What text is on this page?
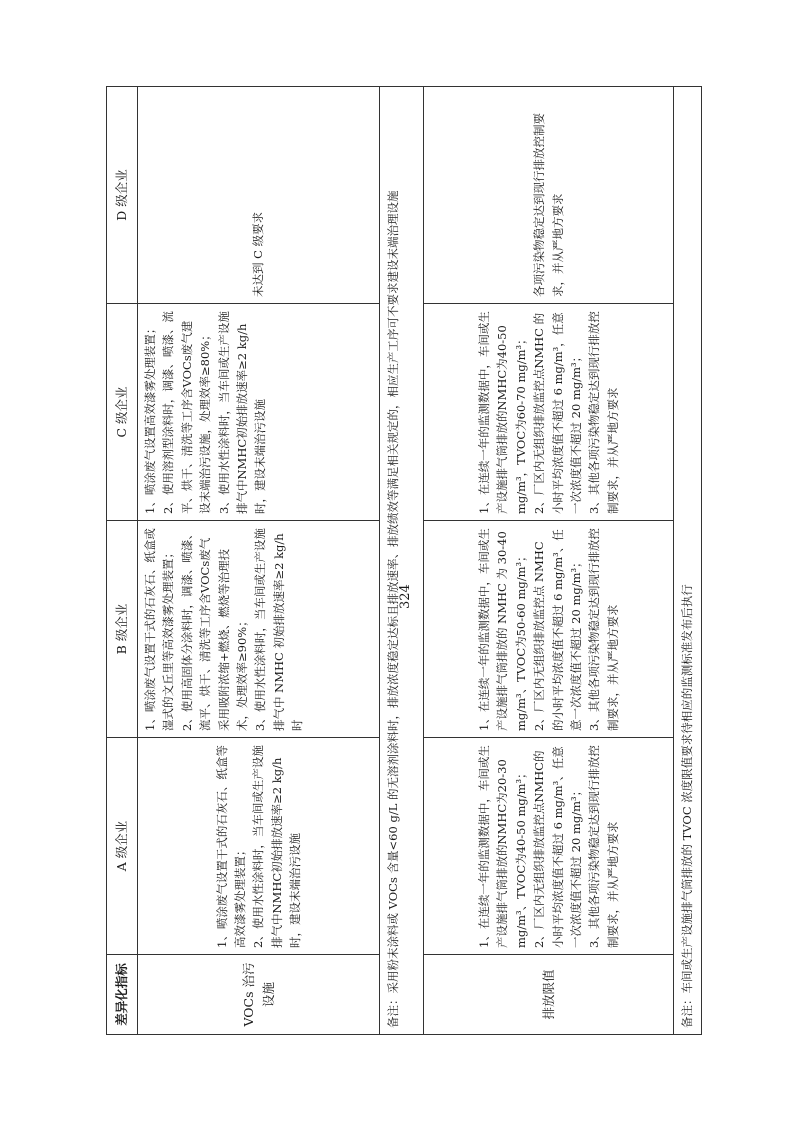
差异化指标	A 级企业	B 级企业	C 级企业	D 级企业
VOCs 治污设施	1、喷涂废气设置干式的石灰石、纸盒等高效漆雾处理装置； 2、使用水性涂料时，当车间或生产设施排气中NMHC初始排放速率≥2 kg/h时，建设末端治污设施	1、喷涂废气设置干式的石灰石、纸盒或湿式的文丘里等高效漆雾处理装置； 2、使用高固体分涂料时，调漆、喷漆、流平、烘干、清洗等工序含VOCs废气采用吸附浓缩+燃烧、燃烧等治理技术，处理效率≥90%； 3、使用水性涂料时，当车间或生产设施排气中 NMHC 初始排放速率≥2 kg/h 时	1、喷涂废气设置高效漆雾处理装置； 2、使用溶剂型涂料时，调漆、喷漆、流平、烘干、清洗等工序含VOCs废气建设末端治污设施，处理效率≥80%； 3、使用水性涂料时，当车间或生产设施排气中NMHC初始排放速率≥2 kg/h时，建设末端治污设施	未达到 C 级要求
备注：采用粉末涂料或 VOCs 含量<60 g/L 的无溶剂涂料时，排放浓度稳定达标且排放速率、排放绩效等满足相关规定的，相应生产工序可不要求建设末端治理设施				
排放限值	1、在连续一年的监测数据中，车间或生产设施排气筒排放的NMHC为20-30 mg/m³、TVOC为40-50 mg/m³； 2、厂区内无组织排放监控点NMHC的小时平均浓度值不超过 6 mg/m³、任意一次浓度值不超过 20 mg/m³； 3、其他各项污染物稳定达到现行排放控制要求，并从严地方要求	1、在连续一年的监测数据中，车间或生产设施排气筒排放的 NMHC 为 30-40 mg/m³、TVOC为50-60 mg/m³； 2、厂区内无组织排放监控点 NMHC 的小时平均浓度值不超过 6 mg/m³、任意一次浓度值不超过 20 mg/m³； 3、其他各项污染物稳定达到现行排放控制要求，并从严地方要求	1、在连续一年的监测数据中，车间或生产设施排气筒排放的NMHC为40-50 mg/m³，TVOC为60-70 mg/m³； 2、厂区内无组织排放监控点NMHC 的小时平均浓度值不超过 6 mg/m³，任意一次浓度值不超过 20 mg/m³； 3、其他各项污染物稳定达到现行排放控制要求，并从严地方要求	各项污染物稳定达到现行排放控制要求，并从严地方要求
备注：车间或生产设施排气筒排放的 TVOC 浓度限值要求待相应的监测标准发布后执行				
324
